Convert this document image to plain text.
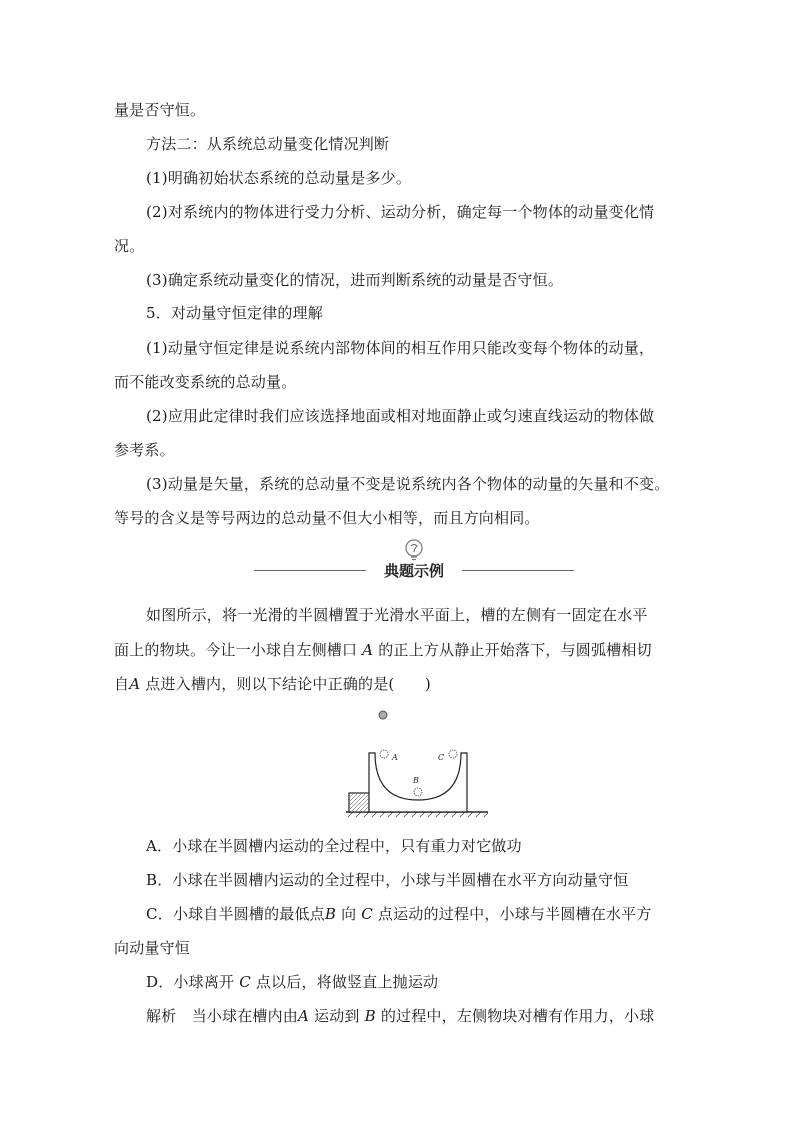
量是否守恒。
方法二：从系统总动量变化情况判断
(1)明确初始状态系统的总动量是多少。
(2)对系统内的物体进行受力分析、运动分析，确定每一个物体的动量变化情
况。
(3)确定系统动量变化的情况，进而判断系统的动量是否守恒。
5．对动量守恒定律的理解
(1)动量守恒定律是说系统内部物体间的相互作用只能改变每个物体的动量，
而不能改变系统的总动量。
(2)应用此定律时我们应该选择地面或相对地面静止或匀速直线运动的物体做
参考系。
(3)动量是矢量，系统的总动量不变是说系统内各个物体的动量的矢量和不变。
等号的含义是等号两边的总动量不但大小相等，而且方向相同。
典题示例
如图所示，将一光滑的半圆槽置于光滑水平面上，槽的左侧有一固定在水平
面上的物块。今让一小球自左侧槽口 A 的正上方从静止开始落下，与圆弧槽相切
自A 点进入槽内，则以下结论中正确的是(　　)
A
B
C
A．小球在半圆槽内运动的全过程中，只有重力对它做功
B．小球在半圆槽内运动的全过程中，小球与半圆槽在水平方向动量守恒
C．小球自半圆槽的最低点B 向 C 点运动的过程中，小球与半圆槽在水平方
向动量守恒
D．小球离开 C 点以后，将做竖直上抛运动
解析　 当小球在槽内由A 运动到 B 的过程中，左侧物块对槽有作用力，小球
